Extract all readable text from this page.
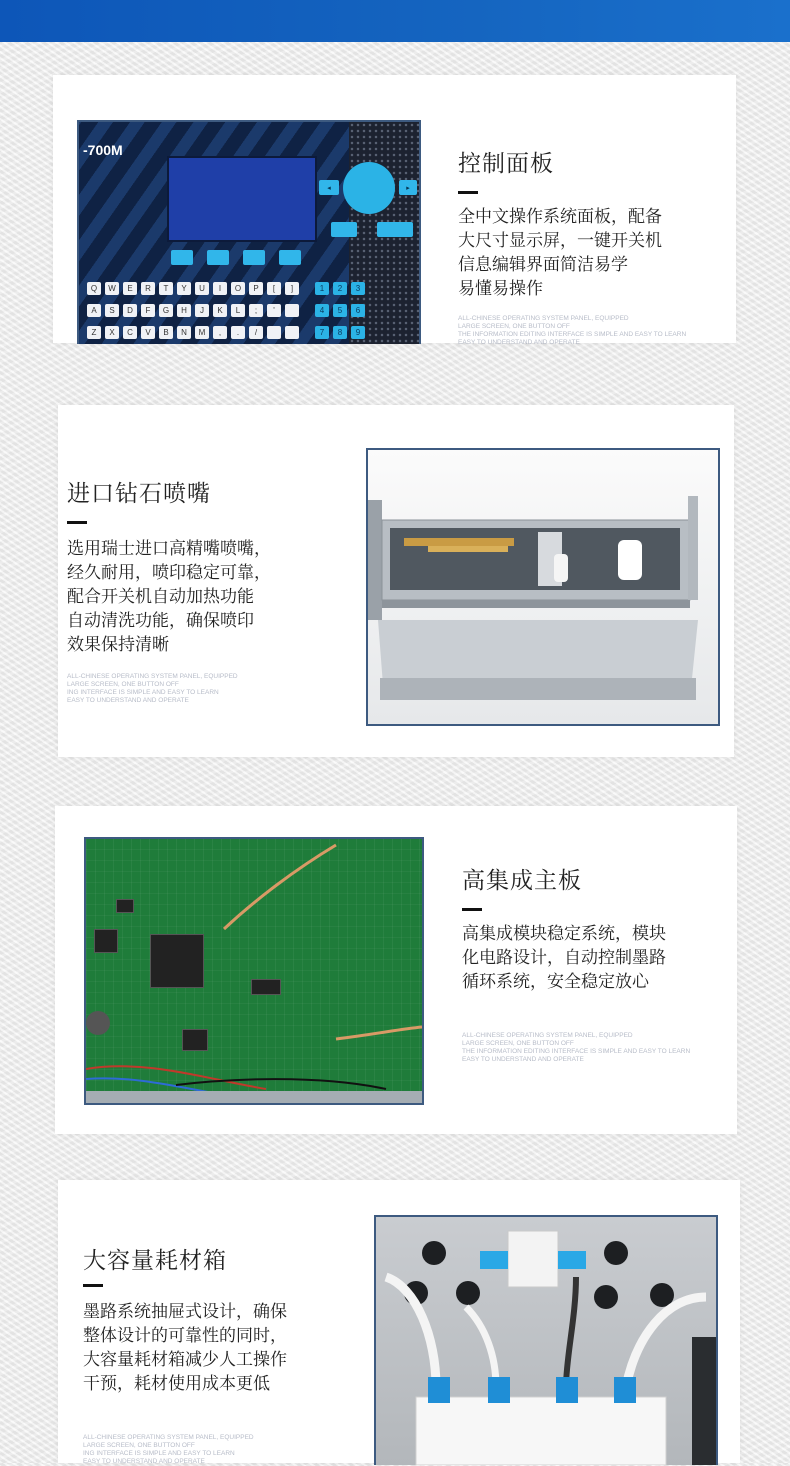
-700M
◂	▸
Q	W	E	R	T	Y	U	I	O	P	[	]	1	2	3
A	S	D	F	G	H	J	K	L	;	'	4	5	6
Z	X	C	V	B	N	M	,	.	/	7	8	9
控制面板
全中文操作系统面板，配备
大尺寸显示屏，一键开关机
信息编辑界面简洁易学
易懂易操作
ALL-CHINESE OPERATING SYSTEM PANEL, EQUIPPED
LARGE SCREEN, ONE BUTTON OFF
THE INFORMATION EDITING INTERFACE IS SIMPLE AND EASY TO LEARN
EASY TO UNDERSTAND AND OPERATE
进口钻石喷嘴
选用瑞士进口高精嘴喷嘴，
经久耐用，喷印稳定可靠，
配合开关机自动加热功能
自动清洗功能，确保喷印
效果保持清晰
ALL-CHINESE OPERATING SYSTEM PANEL, EQUIPPED
LARGE SCREEN, ONE BUTTON OFF
ING INTERFACE IS SIMPLE AND EASY TO LEARN
EASY TO UNDERSTAND AND OPERATE
高集成主板
高集成模块稳定系统，模块
化电路设计，自动控制墨路
循环系统，安全稳定放心
ALL-CHINESE OPERATING SYSTEM PANEL, EQUIPPED
LARGE SCREEN, ONE BUTTON OFF
THE INFORMATION EDITING INTERFACE IS SIMPLE AND EASY TO LEARN
EASY TO UNDERSTAND AND OPERATE
大容量耗材箱
墨路系统抽屉式设计，确保
整体设计的可靠性的同时，
大容量耗材箱减少人工操作
干预，耗材使用成本更低
ALL-CHINESE OPERATING SYSTEM PANEL, EQUIPPED
LARGE SCREEN, ONE BUTTON OFF
ING INTERFACE IS SIMPLE AND EASY TO LEARN
EASY TO UNDERSTAND AND OPERATE
